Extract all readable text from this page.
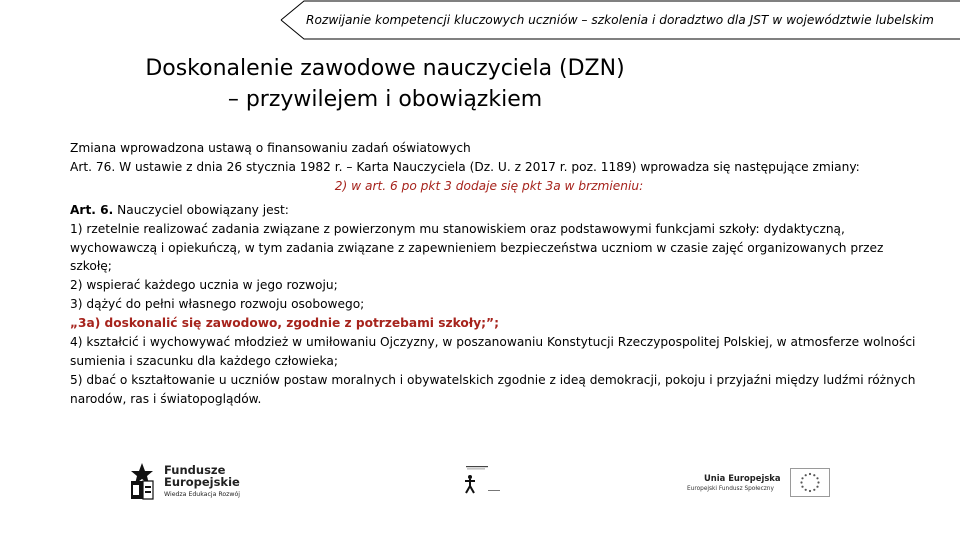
Rozwijanie kompetencji kluczowych uczniów – szkolenia i doradztwo dla JST w województwie lubelskim
Doskonalenie zawodowe nauczyciela (DZN)
– przywilejem i obowiązkiem

Zmiana wprowadzona ustawą o finansowaniu zadań oświatowych

Art. 76. W ustawie z dnia 26 stycznia 1982 r. – Karta Nauczyciela (Dz. U. z 2017 r. poz. 1189) wprowadza się następujące zmiany:

2) w art. 6 po pkt 3 dodaje się pkt 3a w brzmieniu:

Art. 6. Nauczyciel obowiązany jest:

1) rzetelnie realizować zadania związane z powierzonym mu stanowiskiem oraz podstawowymi funkcjami szkoły: dydaktyczną, wychowawczą i opiekuńczą, w tym zadania związane z zapewnieniem bezpieczeństwa uczniom w czasie zajęć organizowanych przez szkołę;

2) wspierać każdego ucznia w jego rozwoju;

3) dążyć do pełni własnego rozwoju osobowego;

„3a) doskonalić się zawodowo, zgodnie z potrzebami szkoły;”;

4) kształcić i wychowywać młodzież w umiłowaniu Ojczyzny, w poszanowaniu Konstytucji Rzeczypospolitej Polskiej, w atmosferze wolności sumienia i szacunku dla każdego człowieka;

5) dbać o kształtowanie u uczniów postaw moralnych i obywatelskich zgodnie z ideą demokracji, pokoju i przyjaźni między ludźmi różnych narodów, ras i światopoglądów.

Fundusze
Europejskie
Wiedza Edukacja Rozwój
Unia Europejska
Europejski Fundusz Społeczny
